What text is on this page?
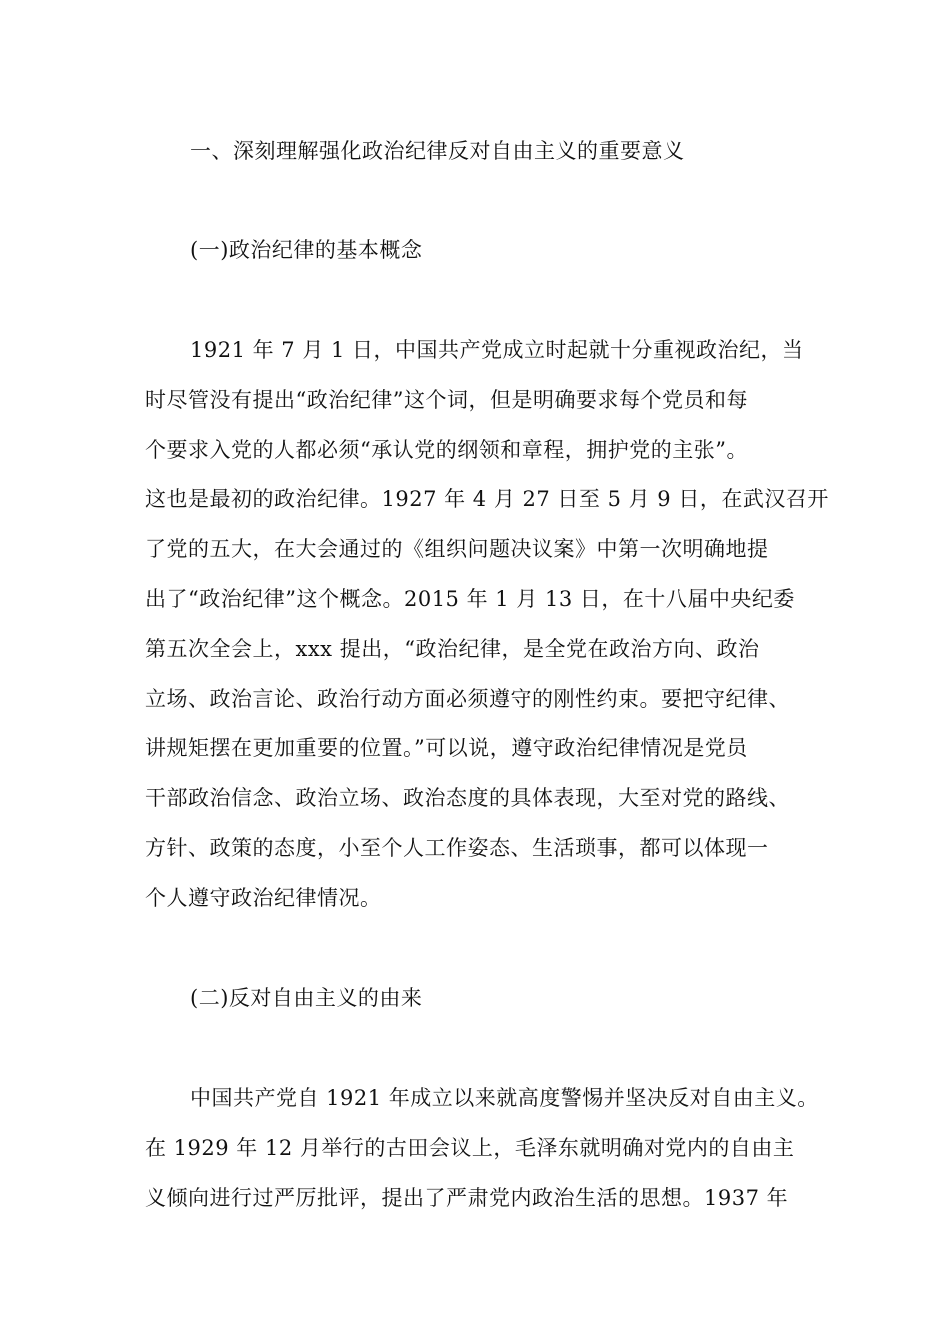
一、深刻理解强化政治纪律反对自由主义的重要意义
(一)政治纪律的基本概念
1921 年 7 月 1 日，中国共产党成立时起就十分重视政治纪，当
时尽管没有提出“政治纪律”这个词，但是明确要求每个党员和每
个要求入党的人都必须“承认党的纲领和章程，拥护党的主张”。
这也是最初的政治纪律。1927 年 4 月 27 日至 5 月 9 日，在武汉召开
了党的五大，在大会通过的《组织问题决议案》中第一次明确地提
出了“政治纪律”这个概念。2015 年 1 月 13 日，在十八届中央纪委
第五次全会上，xxx 提出，“政治纪律，是全党在政治方向、政治
立场、政治言论、政治行动方面必须遵守的刚性约束。要把守纪律、
讲规矩摆在更加重要的位置。”可以说，遵守政治纪律情况是党员
干部政治信念、政治立场、政治态度的具体表现，大至对党的路线、
方针、政策的态度，小至个人工作姿态、生活琐事，都可以体现一
个人遵守政治纪律情况。
(二)反对自由主义的由来
中国共产党自 1921 年成立以来就高度警惕并坚决反对自由主义。
在 1929 年 12 月举行的古田会议上，毛泽东就明确对党内的自由主
义倾向进行过严厉批评，提出了严肃党内政治生活的思想。1937 年
